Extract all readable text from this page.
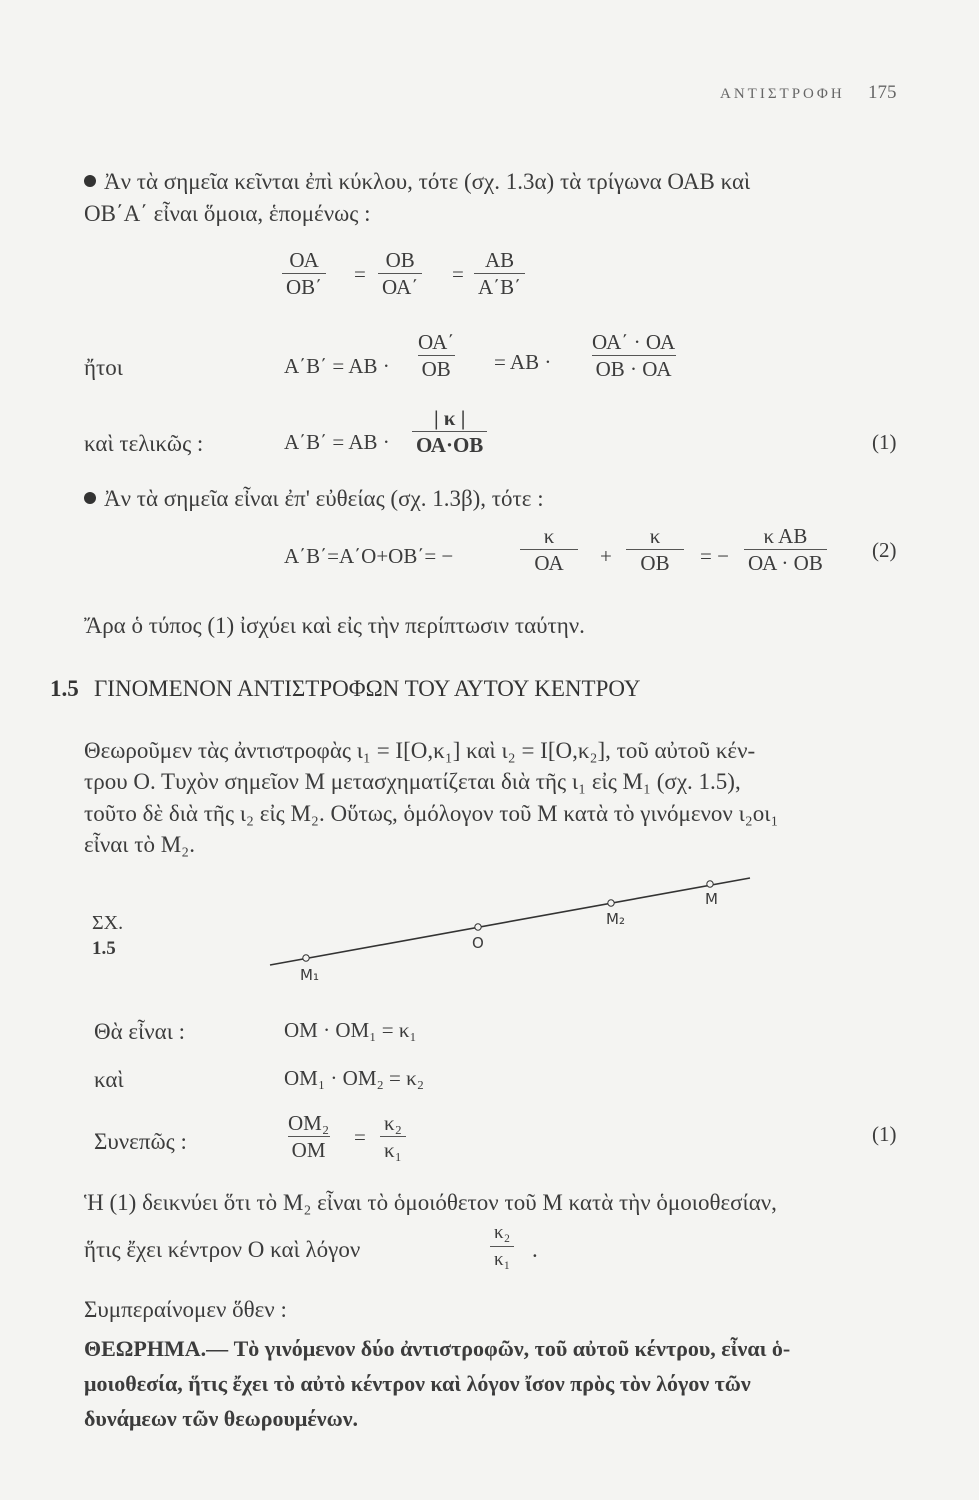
ΑΝΤΙΣΤΡΟΦΗ 175
Ἀν τὰ σημεῖα κεῖνται ἐπὶ κύκλου, τότε (σχ. 1.3α) τὰ τρίγωνα ΟΑΒ καὶ
ΟΒ΄Α΄ εἶναι ὅμοια, ἑπομένως :
$\frac{OA}{OB΄} = \frac{OB}{OA΄} = \frac{AB}{A΄B΄}$
ἤτοι	$A΄B΄ = AB \cdot \frac{OA΄}{OB} = AB \cdot \frac{OA΄ \cdot OA}{OB \cdot OA}$
καὶ τελικῶς :	$A΄B΄ = AB \cdot \frac{| \kappa |}{OA\cdot OB}$	(1)
Ἀν τὰ σημεῖα εἶναι ἐπ' εὐθείας (σχ. 1.3β), τότε :
Α΄Β΄=Α΄Ο+ΟΒ΄= −	$\frac{\kappa}{OA} + \frac{\kappa}{OB}$ = − $\frac{\text{κ ΑΒ}}{OA \cdot OB} (2)$
Ἄρα ὁ τύπος (1) ἰσχύει καὶ εἰς τὴν περίπτωσιν ταύτην.
1.5 ΓΙΝΟΜΕΝΟΝ ΑΝΤΙΣΤΡΟΦΩΝ ΤΟΥ ΑΥΤΟΥ ΚΕΝΤΡΟΥ
Θεωροῦμεν τὰς ἀντιστροφὰς ι₁ = Ι[Ο,κ₁] καὶ ι₂ = Ι[Ο,κ₂], τοῦ αὐτοῦ κέν-
τρου Ο. Τυχὸν σημεῖον Μ μετασχηματίζεται διὰ τῆς ι₁ εἰς Μ₁ (σχ. 1.5),
τοῦτο δὲ διὰ τῆς ι₂ εἰς Μ₂. Οὕτως, ὁμόλογον τοῦ Μ κατὰ τὸ γινόμενον ι₂οι₁
εἶναι τὸ Μ₂.
ΣΧ.
1.5
M₁
O
M₂
M
Θὰ εἶναι :	ΟΜ · ΟΜ₁ = κ₁
καὶ	ΟΜ₁ · ΟΜ₂ = κ₂
Συνεπῶς :	$\frac{\text{ΟΜ₂}}{OM} = \frac{\text{κ₂}}{\text{κ₁}}$	(1)
Ἡ (1) δεικνύει ὅτι τὸ Μ₂ εἶναι τὸ ὁμοιόθετον τοῦ Μ κατὰ τὴν ὁμοιοθεσίαν,
ἥτις ἔχει κέντρον Ο καὶ λόγον	$\frac{\text{κ₂}}{\text{κ₁}}$ .
Συμπεραίνομεν ὅθεν :
ΘΕΩΡΗΜΑ.— Τὸ γινόμενον δύο ἀντιστροφῶν, τοῦ αὐτοῦ κέντρου, εἶναι ὁ-
μοιοθεσία, ἥτις ἔχει τὸ αὐτὸ κέντρον καὶ λόγον ἴσον πρὸς τὸν λόγον τῶν
δυνάμεων τῶν θεωρουμένων.
